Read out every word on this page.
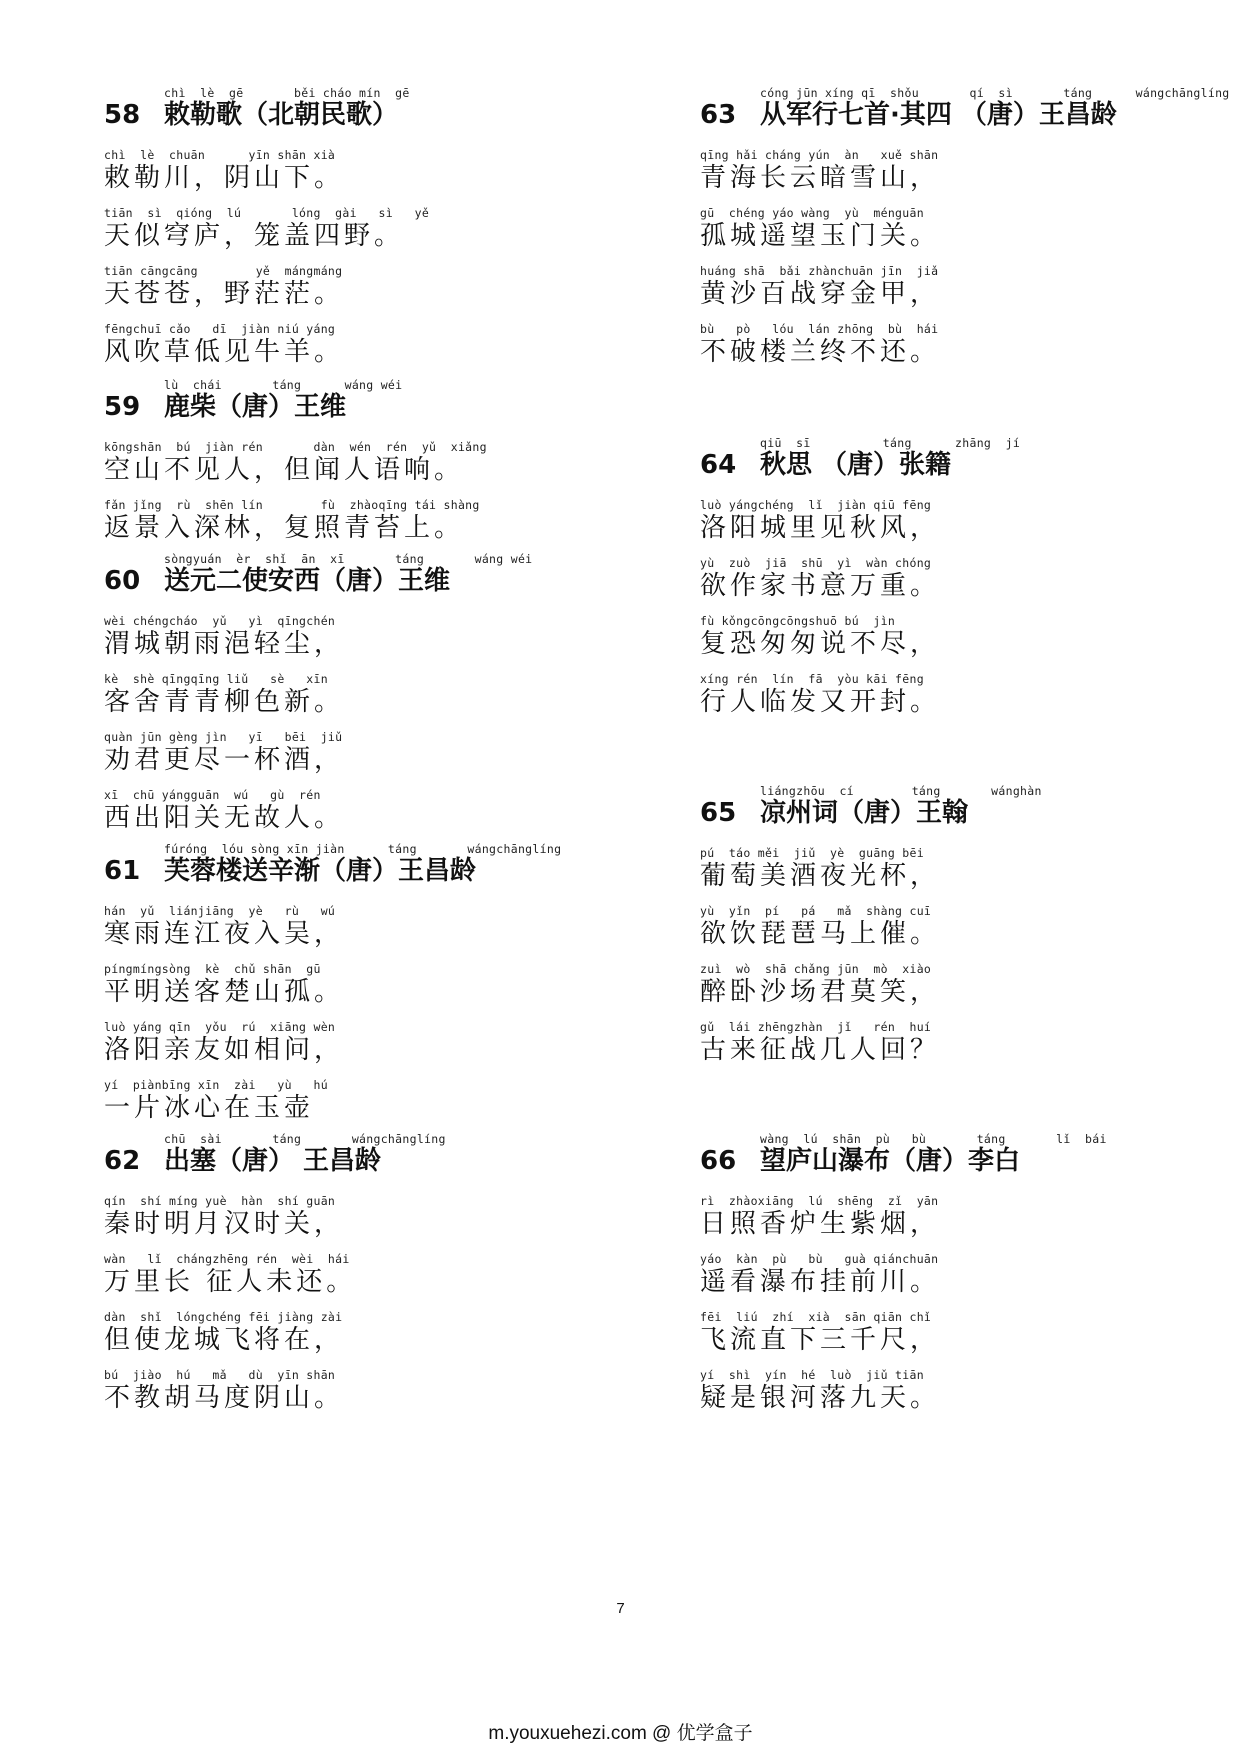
chì  lè  gē       běi cháo mín  gē
58 敕勒歌（北朝民歌）
chì  lè  chuān      yīn shān xià
敕勒川，阴山下。
tiān  sì  qióng  lú       lóng  gài   sì   yě
天似穹庐，笼盖四野。
tiān cāngcāng        yě  mángmáng
天苍苍，野茫茫。
fēngchuī cǎo   dī  jiàn niú yáng
风吹草低见牛羊。
lù  chái       táng      wáng wéi
59 鹿柴（唐）王维
kōngshān  bú  jiàn rén       dàn  wén  rén  yǔ  xiǎng
空山不见人，但闻人语响。
fǎn jǐng  rù  shēn lín        fù  zhàoqīng tái shàng
返景入深林，复照青苔上。
sòngyuán  èr  shǐ  ān  xī       táng       wáng wéi
60 送元二使安西（唐）王维
wèi chéngcháo  yǔ   yì  qīngchén
渭城朝雨浥轻尘，
kè  shè qīngqīng liǔ   sè   xīn
客舍青青柳色新。
quàn jūn gèng jìn   yī   bēi  jiǔ
劝君更尽一杯酒，
xī  chū yángguān  wú   gù  rén
西出阳关无故人。
fúróng  lóu sòng xīn jiàn      táng       wángchānglíng
61 芙蓉楼送辛渐（唐）王昌龄
hán  yǔ  liánjiāng  yè   rù   wú
寒雨连江夜入吴，
píngmíngsòng  kè  chǔ shān  gū
平明送客楚山孤。
luò yáng qīn  yǒu  rú  xiāng wèn
洛阳亲友如相问，
yí  piànbīng xīn  zài   yù   hú
一片冰心在玉壶
chū  sài       táng       wángchānglíng
62 出塞（唐） 王昌龄
qín  shí míng yuè  hàn  shí guān
秦时明月汉时关，
wàn   lǐ  chángzhēng rén  wèi  hái
万里长 征人未还。
dàn  shǐ  lóngchéng fēi jiàng zài
但使龙城飞将在，
bú  jiào  hú   mǎ   dù  yīn shān
不教胡马度阴山。
cóng jūn xíng qī  shǒu       qí  sì       táng      wángchānglíng
63 从军行七首·其四 （唐）王昌龄
qīng hǎi cháng yún  àn   xuě shān
青海长云暗雪山，
gū  chéng yáo wàng  yù  ménguān
孤城遥望玉门关。
huáng shā  bǎi zhànchuān jīn  jiǎ
黄沙百战穿金甲，
bù   pò   lóu  lán zhōng  bù  hái
不破楼兰终不还。
qiū  sī          táng      zhāng  jí
64 秋思 （唐）张籍
luò yángchéng  lǐ  jiàn qiū fēng
洛阳城里见秋风，
yù  zuò  jiā  shū  yì  wàn chóng
欲作家书意万重。
fù kǒngcōngcōngshuō bú  jìn
复恐匆匆说不尽，
xíng rén  lín  fā  yòu kāi fēng
行人临发又开封。
liángzhōu  cí        táng       wánghàn
65 凉州词（唐）王翰
pú  táo měi  jiǔ  yè  guāng bēi
葡萄美酒夜光杯，
yù  yǐn  pí   pá   mǎ  shàng cuī
欲饮琵琶马上催。
zuì  wò  shā chǎng jūn  mò  xiào
醉卧沙场君莫笑，
gǔ  lái zhēngzhàn  jǐ   rén  huí
古来征战几人回？
wàng  lú  shān  pù   bù       táng       lǐ  bái
66 望庐山瀑布（唐）李白
rì  zhàoxiāng  lú  shēng  zǐ  yān
日照香炉生紫烟，
yáo  kàn  pù   bù   guà qiánchuān
遥看瀑布挂前川。
fēi  liú  zhí  xià  sān qiān chǐ
飞流直下三千尺，
yí  shì  yín  hé  luò  jiǔ tiān
疑是银河落九天。
7
m.youxuehezi.com @ 优学盒子
